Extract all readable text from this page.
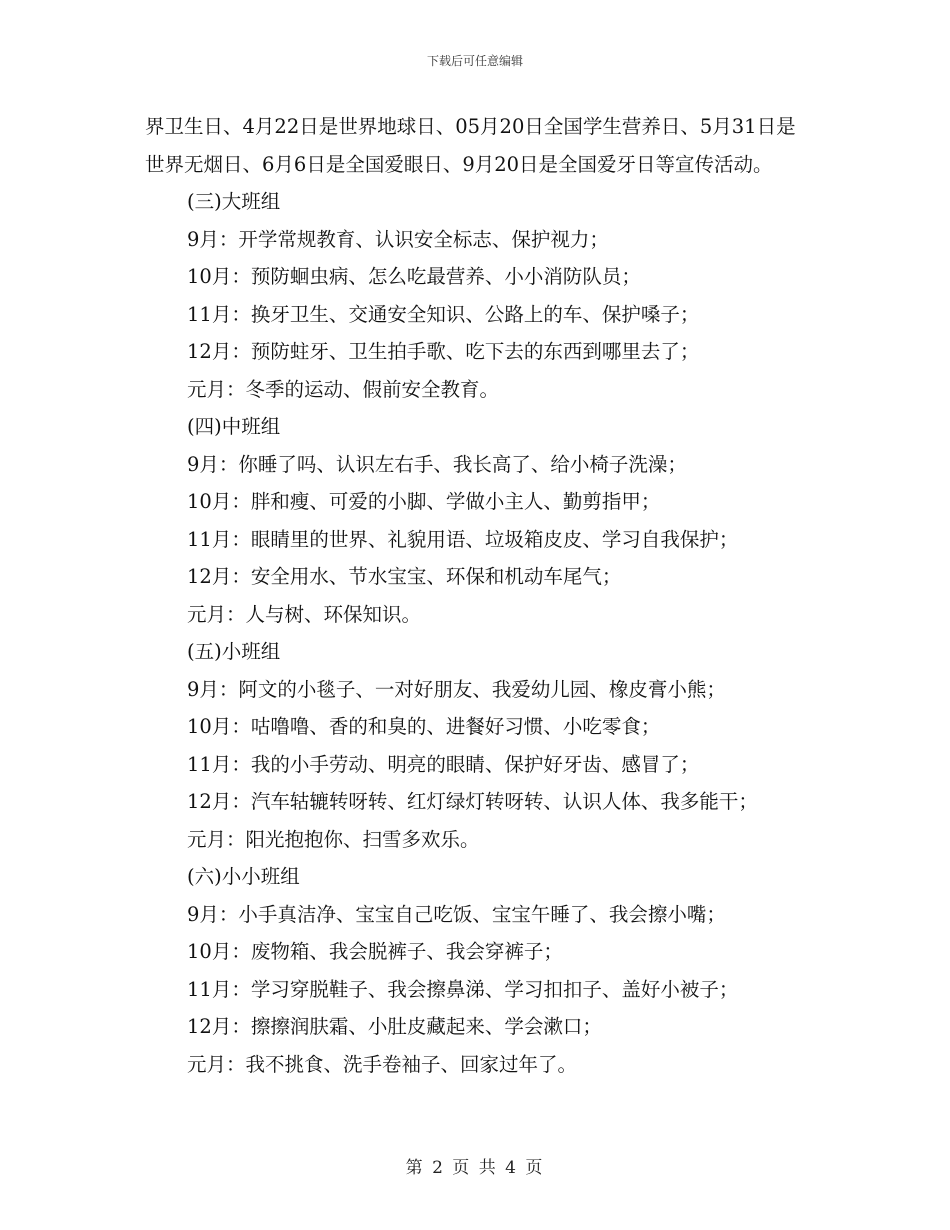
下载后可任意编辑

界卫生日、4月22日是世界地球日、05月20日全国学生营养日、5月31日是世界无烟日、6月6日是全国爱眼日、9月20日是全国爱牙日等宣传活动。

(三)大班组

9月：开学常规教育、认识安全标志、保护视力；

10月：预防蛔虫病、怎么吃最营养、小小消防队员；

11月：换牙卫生、交通安全知识、公路上的车、保护嗓子；

12月：预防蛀牙、卫生拍手歌、吃下去的东西到哪里去了；

元月：冬季的运动、假前安全教育。

(四)中班组

9月：你睡了吗、认识左右手、我长高了、给小椅子洗澡；

10月：胖和瘦、可爱的小脚、学做小主人、勤剪指甲；

11月：眼睛里的世界、礼貌用语、垃圾箱皮皮、学习自我保护；

12月：安全用水、节水宝宝、环保和机动车尾气；

元月：人与树、环保知识。

(五)小班组

9月：阿文的小毯子、一对好朋友、我爱幼儿园、橡皮膏小熊；

10月：咕噜噜、香的和臭的、进餐好习惯、小吃零食；

11月：我的小手劳动、明亮的眼睛、保护好牙齿、感冒了；

12月：汽车轱辘转呀转、红灯绿灯转呀转、认识人体、我多能干；

元月：阳光抱抱你、扫雪多欢乐。

(六)小小班组

9月：小手真洁净、宝宝自己吃饭、宝宝午睡了、我会擦小嘴；

10月：废物箱、我会脱裤子、我会穿裤子；

11月：学习穿脱鞋子、我会擦鼻涕、学习扣扣子、盖好小被子；

12月：擦擦润肤霜、小肚皮藏起来、学会漱口；

元月：我不挑食、洗手卷袖子、回家过年了。

第 2 页 共 4 页
